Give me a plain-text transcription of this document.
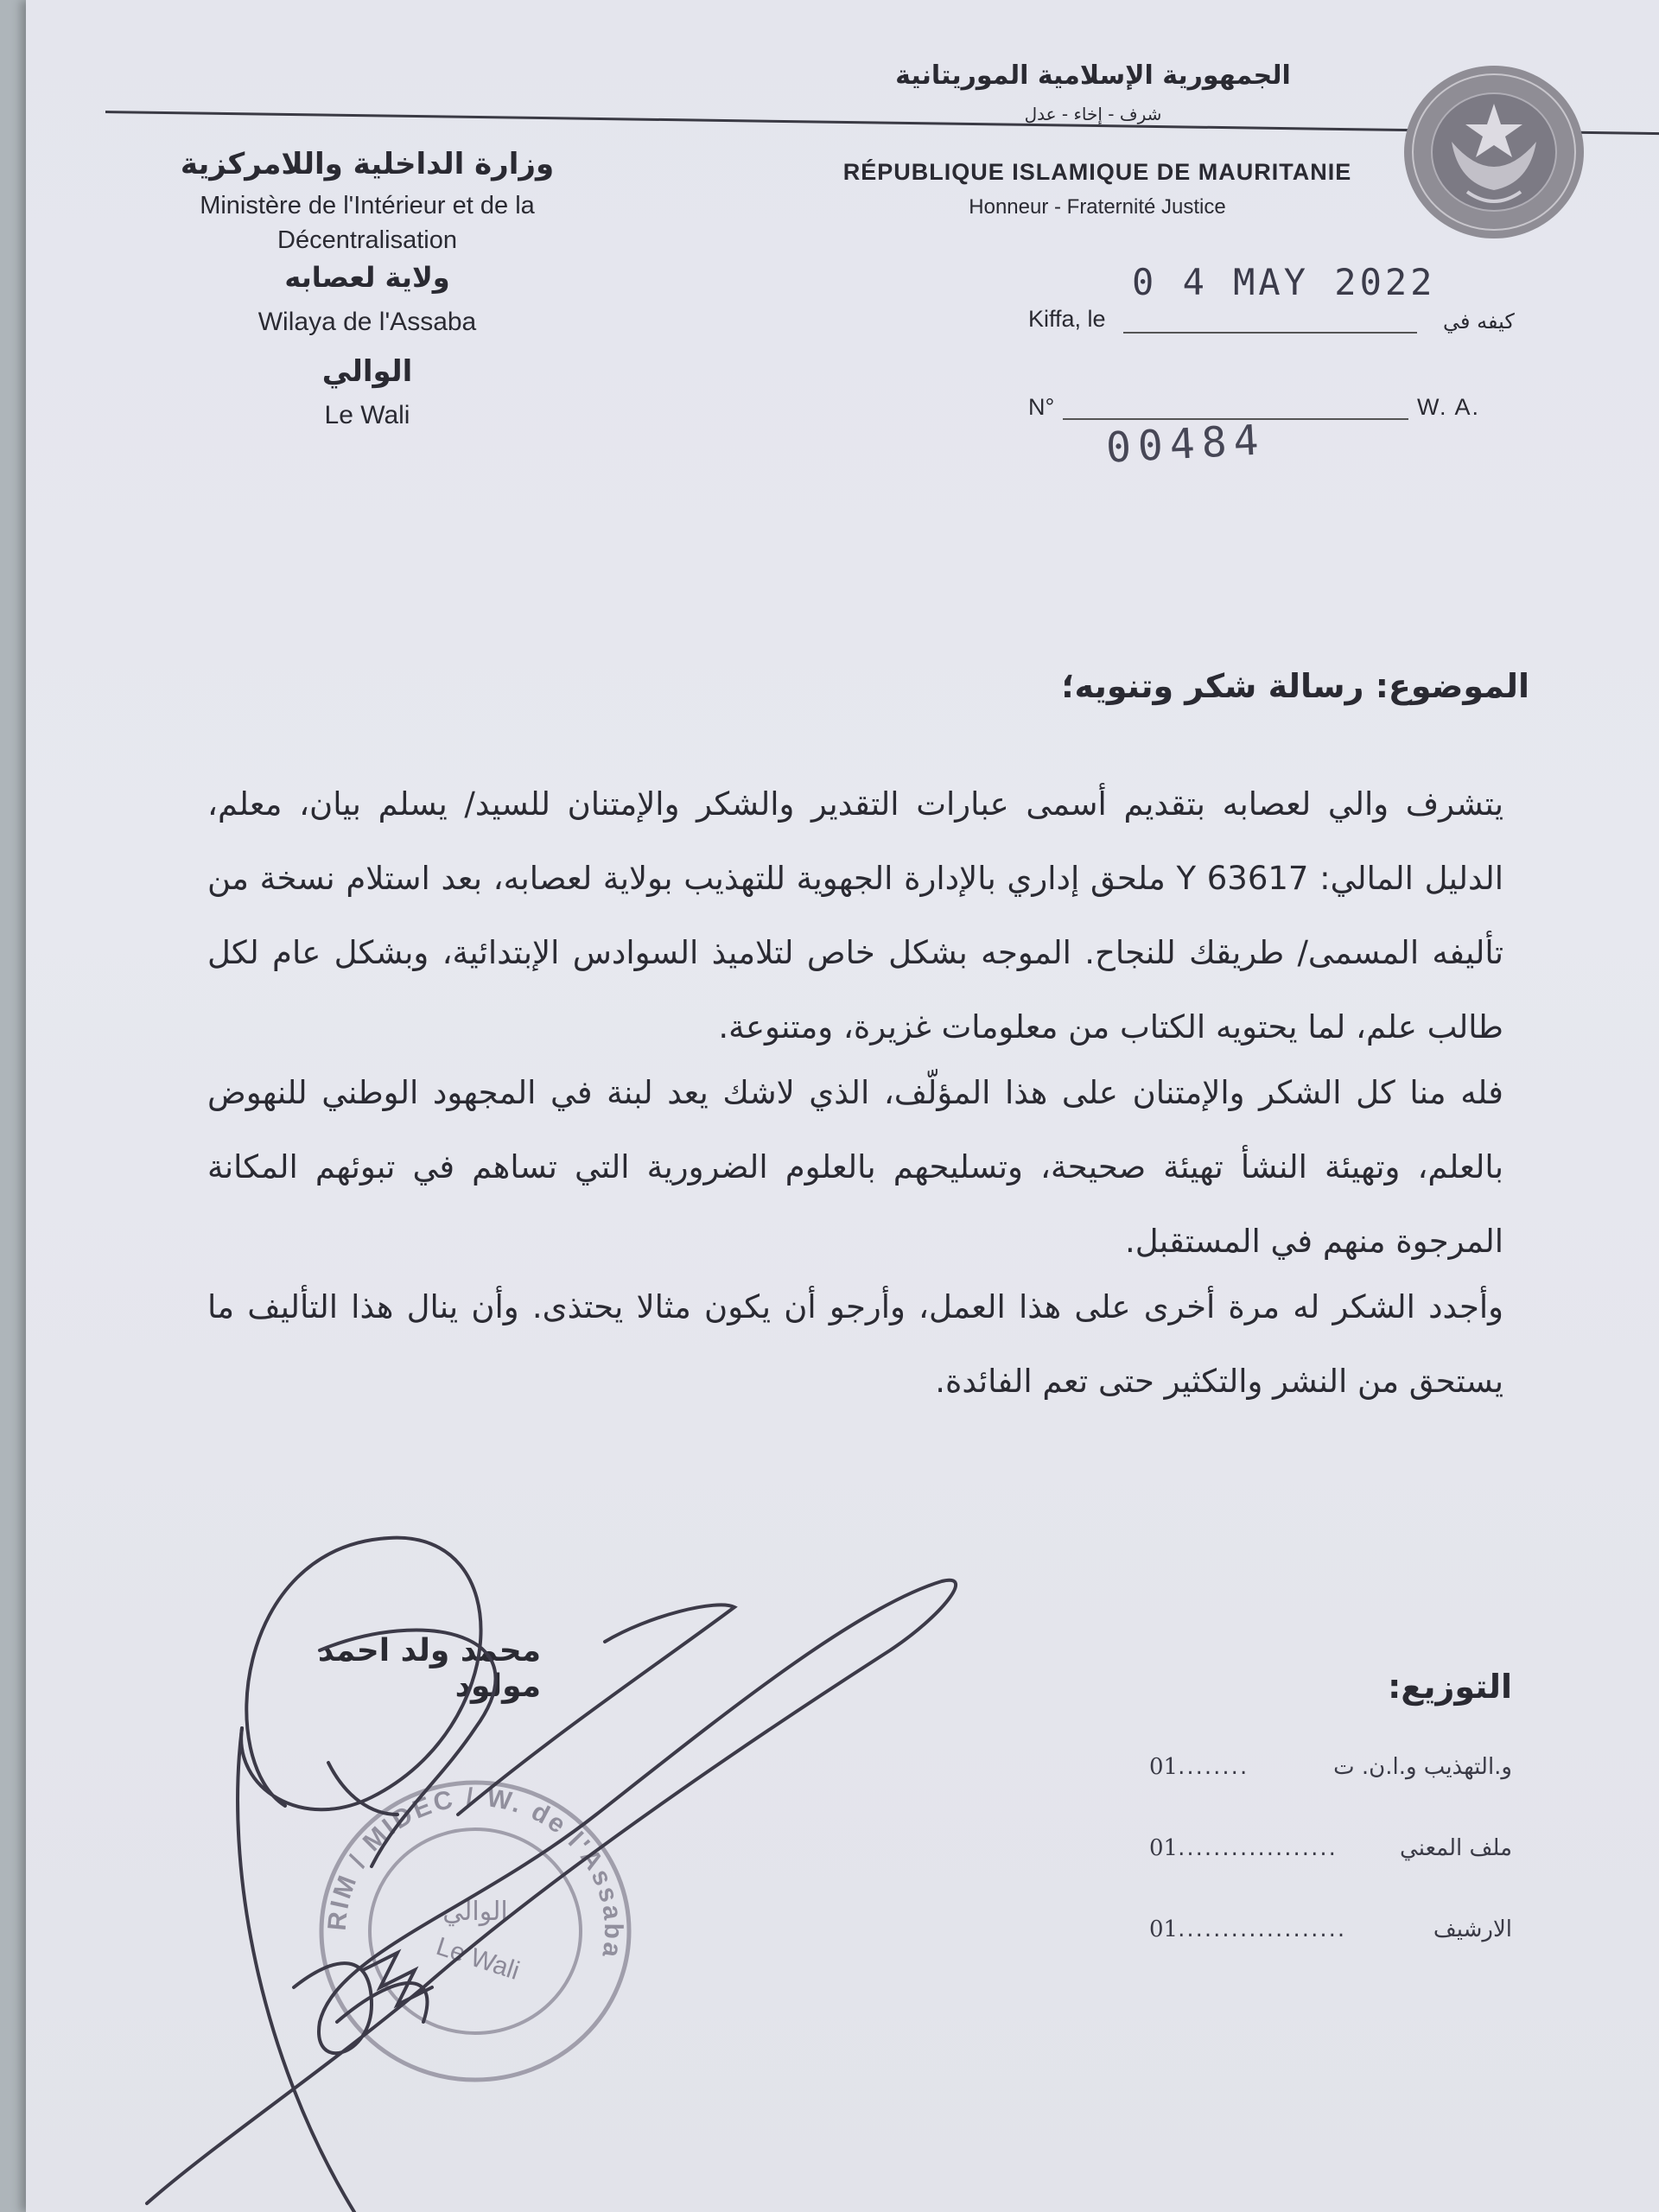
الجمهورية الإسلامية الموريتانية
شرف - إخاء - عدل
RÉPUBLIQUE ISLAMIQUE DE MAURITANIE
Honneur - Fraternité Justice
وزارة الداخلية واللامركزية
Ministère de l'Intérieur et de la Décentralisation
ولاية لعصابه
Wilaya de l'Assaba
الوالي
Le Wali
0 4 MAY 2022
Kiffa, le	كيفه في
N°	W. A.
00484
الموضوع: رسالة شكر وتنويه؛
يتشرف والي لعصابه بتقديم أسمى عبارات التقدير والشكر والإمتنان للسيد/ يسلم بيان، معلم، الدليل المالي: 63617 Y ملحق إداري بالإدارة الجهوية للتهذيب بولاية لعصابه، بعد استلام نسخة من تأليفه المسمى/ طريقك للنجاح. الموجه بشكل خاص لتلاميذ السوادس الإبتدائية، وبشكل عام لكل طالب علم، لما يحتويه الكتاب من معلومات غزيرة، ومتنوعة.
فله منا كل الشكر والإمتنان على هذا المؤلّف، الذي لاشك يعد لبنة في المجهود الوطني للنهوض بالعلم، وتهيئة النشأ تهيئة صحيحة، وتسليحهم بالعلوم الضرورية التي تساهم في تبوئهم المكانة المرجوة منهم في المستقبل.
وأجدد الشكر له مرة أخرى على هذا العمل، وأرجو أن يكون مثالا يحتذى. وأن ينال هذا التأليف ما يستحق من النشر والتكثير حتى تعم الفائدة.
RIM / MIDEC / W. de l'Assaba
الوالي
Le Wali
محمد ولد احمد مولود	التوزيع:
01........	و.التهذيب و.ا.ن. ت
01..................	ملف المعني
01...................	الارشيف
